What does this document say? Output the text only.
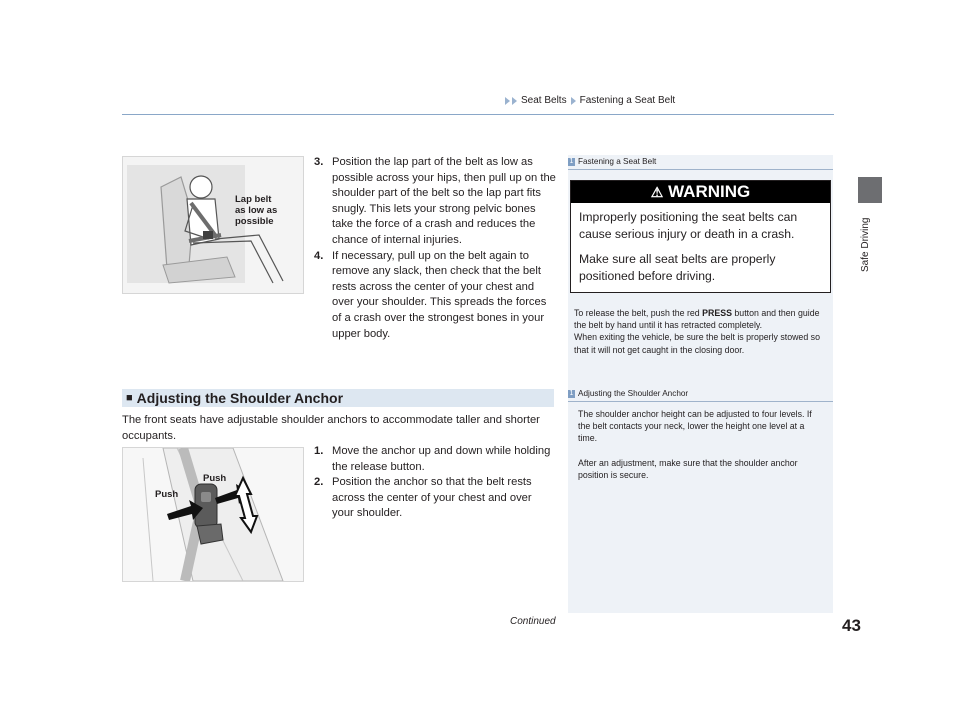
Seat Belts Fastening a Seat Belt
Safe Driving
Lap belt
as low as
possible
3. Position the lap part of the belt as low as possible across your hips, then pull up on the shoulder part of the belt so the lap part fits snugly. This lets your strong pelvic bones take the force of a crash and reduces the chance of internal injuries.
4. If necessary, pull up on the belt again to remove any slack, then check that the belt rests across the center of your chest and over your shoulder. This spreads the forces of a crash over the strongest bones in your upper body.
■ Adjusting the Shoulder Anchor
The front seats have adjustable shoulder anchors to accommodate taller and shorter occupants.
Push
Push
1. Move the anchor up and down while holding the release button.
2. Position the anchor so that the belt rests across the center of your chest and over your shoulder.
1 Fastening a Seat Belt
⚠ WARNING
Improperly positioning the seat belts can cause serious injury or death in a crash.
Make sure all seat belts are properly positioned before driving.
To release the belt, push the red PRESS button and then guide the belt by hand until it has retracted completely.
When exiting the vehicle, be sure the belt is properly stowed so that it will not get caught in the closing door.
1 Adjusting the Shoulder Anchor
The shoulder anchor height can be adjusted to four levels. If the belt contacts your neck, lower the height one level at a time.
After an adjustment, make sure that the shoulder anchor position is secure.
Continued	43
